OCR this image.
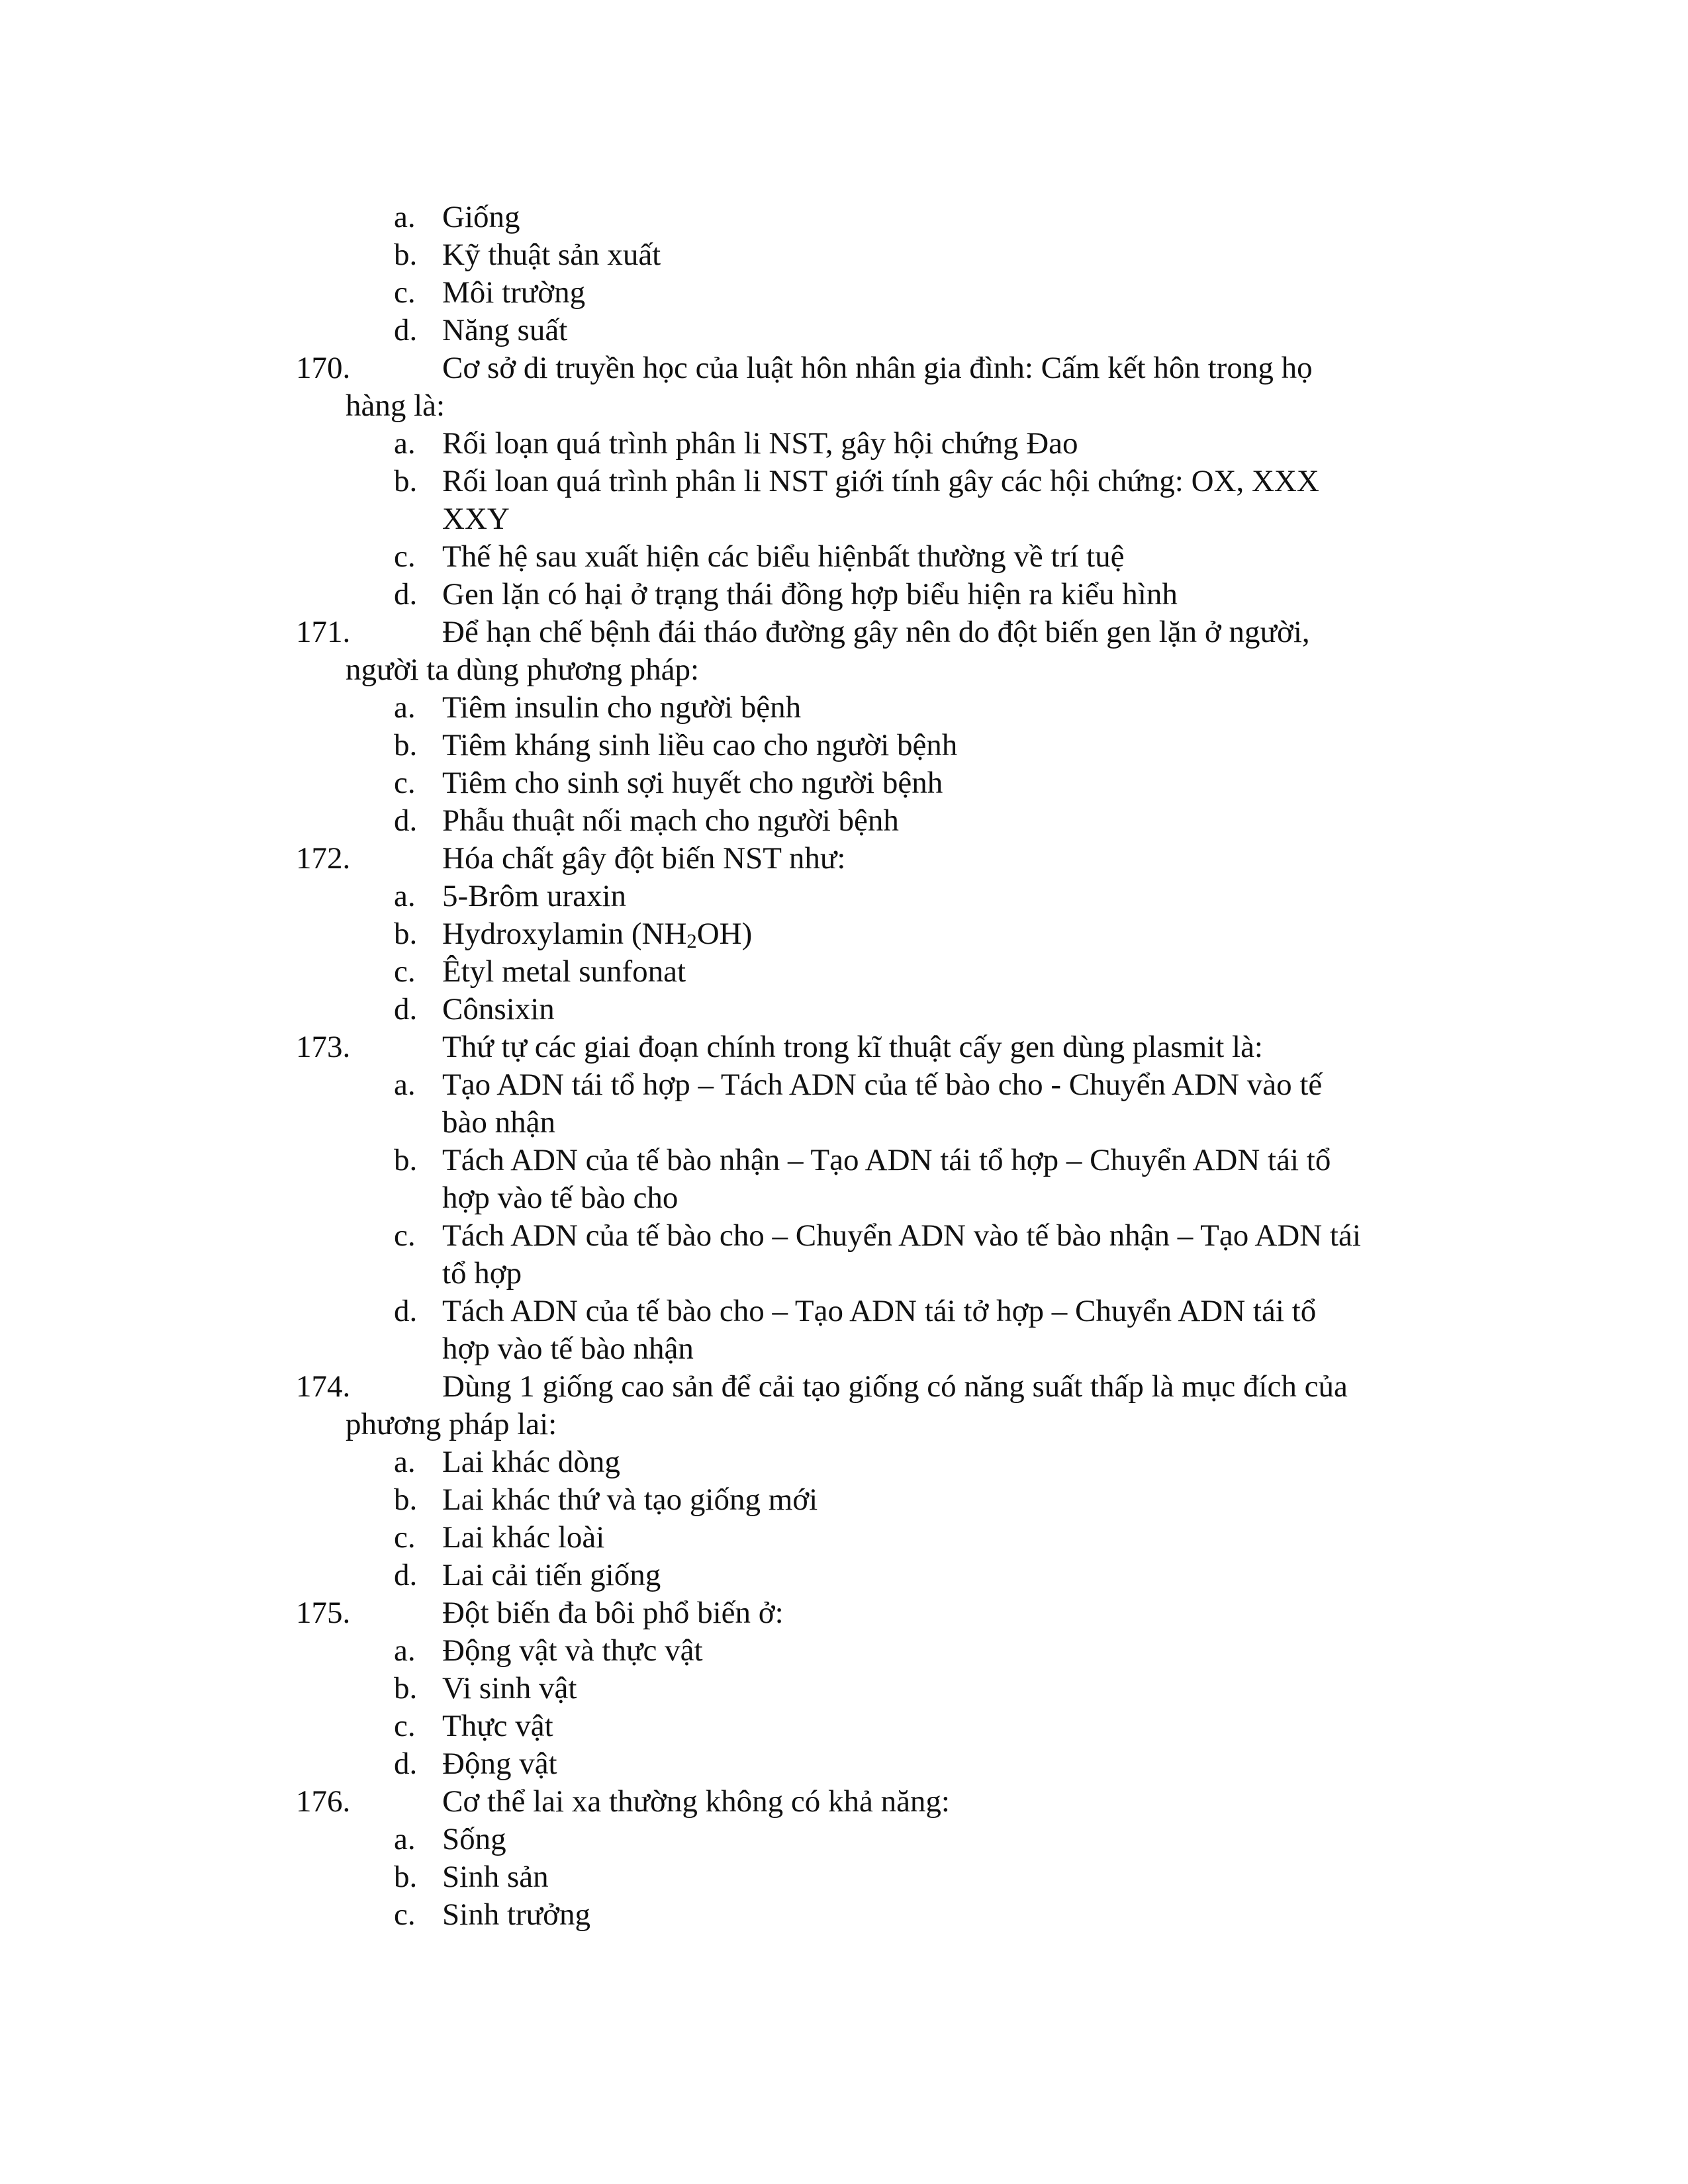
a. Giống
b. Kỹ thuật sản xuất
c. Môi trường
d. Năng suất
170.	Cơ sở di truyền học của luật hôn nhân gia đình: Cấm kết hôn trong họ
hàng là:
a. Rối loạn quá trình phân li NST, gây hội chứng Đao
b. Rối loan quá trình phân li NST giới tính gây các hội chứng: OX, XXX
XXY
c. Thế hệ sau xuất hiện các biểu hiệnbất thường về trí tuệ
d. Gen lặn có hại ở trạng thái đồng hợp biểu hiện ra kiểu hình
171.	Để hạn chế bệnh đái tháo đường gây nên do đột biến gen lặn ở người,
người ta dùng phương pháp:
a. Tiêm insulin cho người bệnh
b. Tiêm kháng sinh liều cao cho người bệnh
c. Tiêm cho sinh sợi huyết cho người bệnh
d. Phẫu thuật nối mạch cho người bệnh
172.	Hóa chất gây đột biến NST như:
a. 5-Brôm uraxin
b. Hydroxylamin $(NH_2OH)$
c. Êtyl metal sunfonat
d. Cônsixin
173.	Thứ tự các giai đoạn chính trong kĩ thuật cấy gen dùng plasmit là:
a. Tạo ADN tái tổ hợp – Tách ADN của tế bào cho - Chuyển ADN vào tế
bào nhận
b. Tách ADN của tế bào nhận – Tạo ADN tái tổ hợp – Chuyển ADN tái tổ
hợp vào tế bào cho
c. Tách ADN của tế bào cho – Chuyển ADN vào tế bào nhận – Tạo ADN tái
tổ hợp
d. Tách ADN của tế bào cho – Tạo ADN tái tở hợp – Chuyển ADN tái tổ
hợp vào tế bào nhận
174.	Dùng 1 giống cao sản để cải tạo giống có năng suất thấp là mục đích của
phương pháp lai:
a. Lai khác dòng
b. Lai khác thứ và tạo giống mới
c. Lai khác loài
d. Lai cải tiến giống
175.	Đột biến đa bôi phổ biến ở:
a. Động vật và thực vật
b. Vi sinh vật
c. Thực vật
d. Động vật
176.	Cơ thể lai xa thường không có khả năng:
a. Sống
b. Sinh sản
c. Sinh trưởng
